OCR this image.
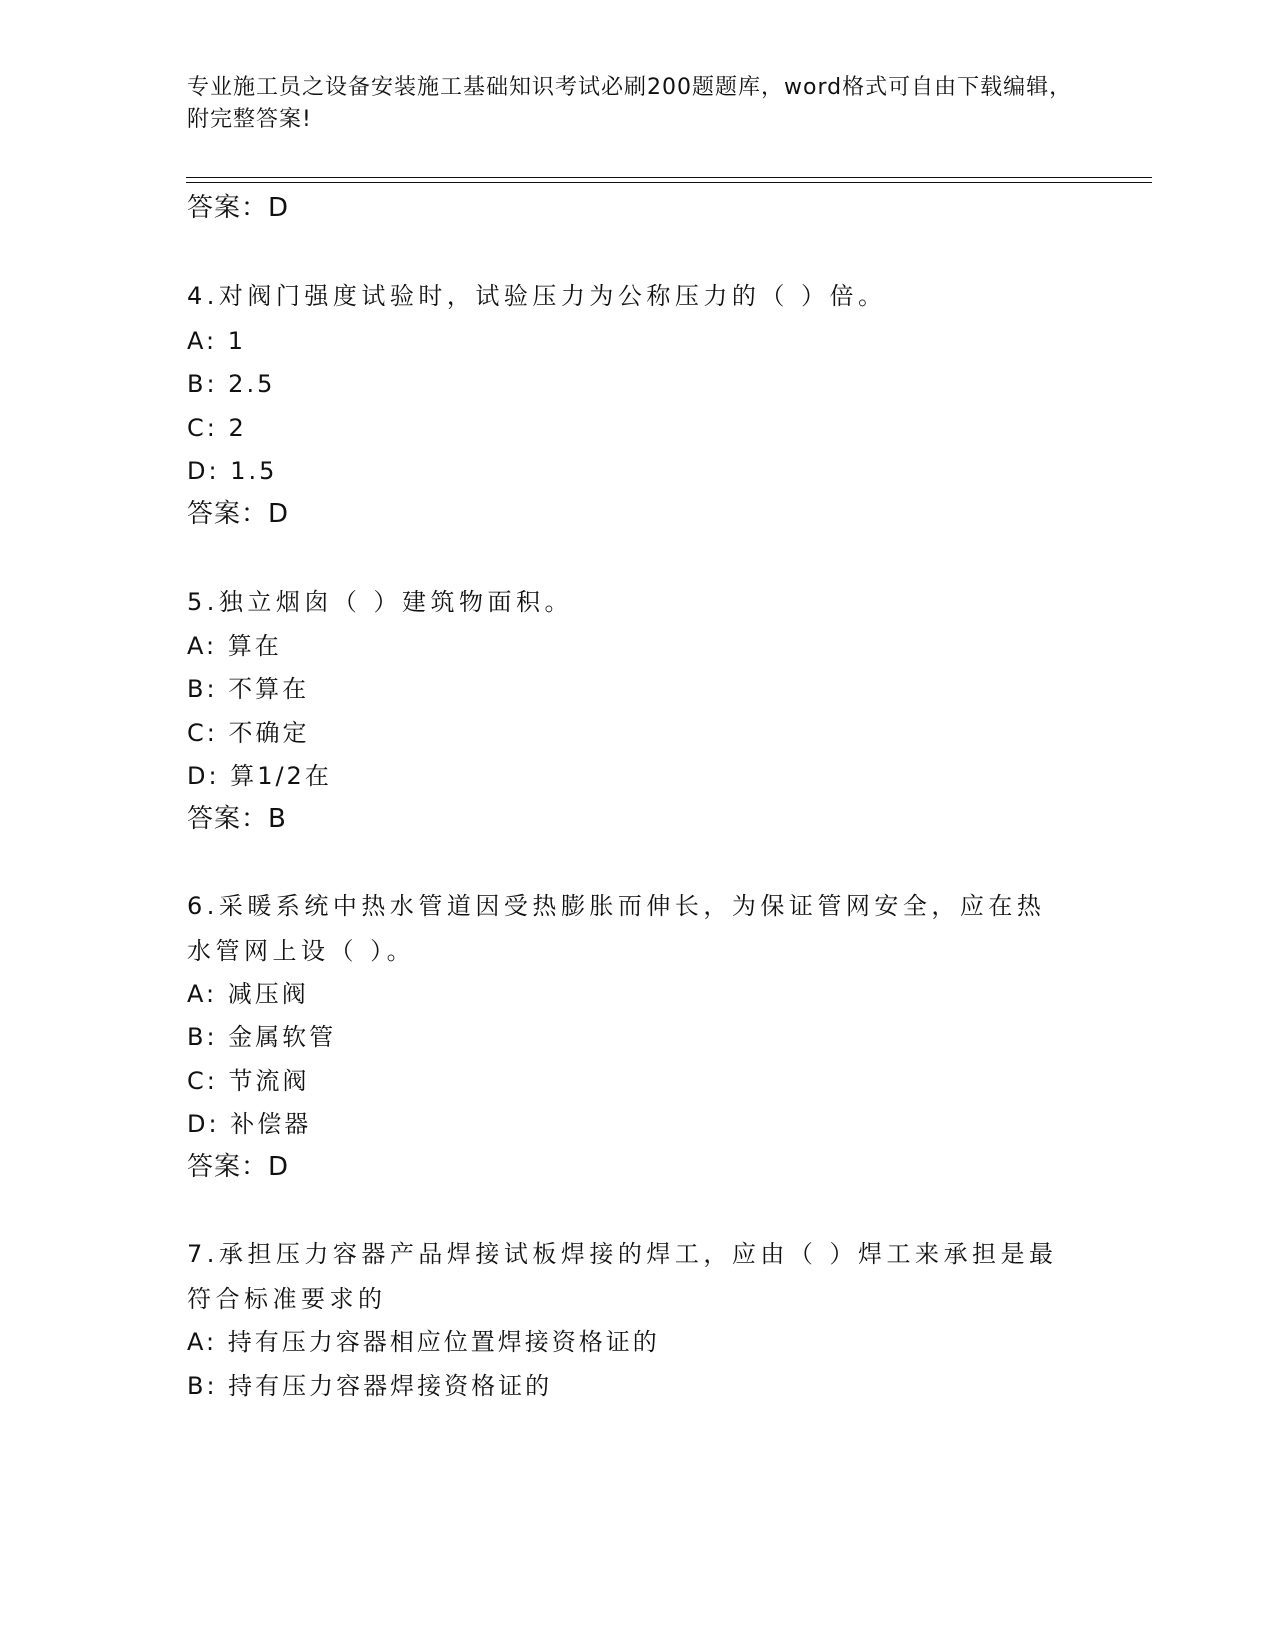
专业施工员之设备安装施工基础知识考试必刷200题题库，word格式可自由下载编辑，附完整答案!
答案：D
4.对阀门强度试验时，试验压力为公称压力的（ ）倍。
A: 1
B: 2.5
C: 2
D: 1.5
答案：D
5.独立烟囱（ ）建筑物面积。
A: 算在
B: 不算在
C: 不确定
D: 算1/2在
答案：B
6.采暖系统中热水管道因受热膨胀而伸长，为保证管网安全，应在热水管网上设（ ）。
A: 减压阀
B: 金属软管
C: 节流阀
D: 补偿器
答案：D
7.承担压力容器产品焊接试板焊接的焊工，应由（ ）焊工来承担是最符合标准要求的
A: 持有压力容器相应位置焊接资格证的
B: 持有压力容器焊接资格证的
